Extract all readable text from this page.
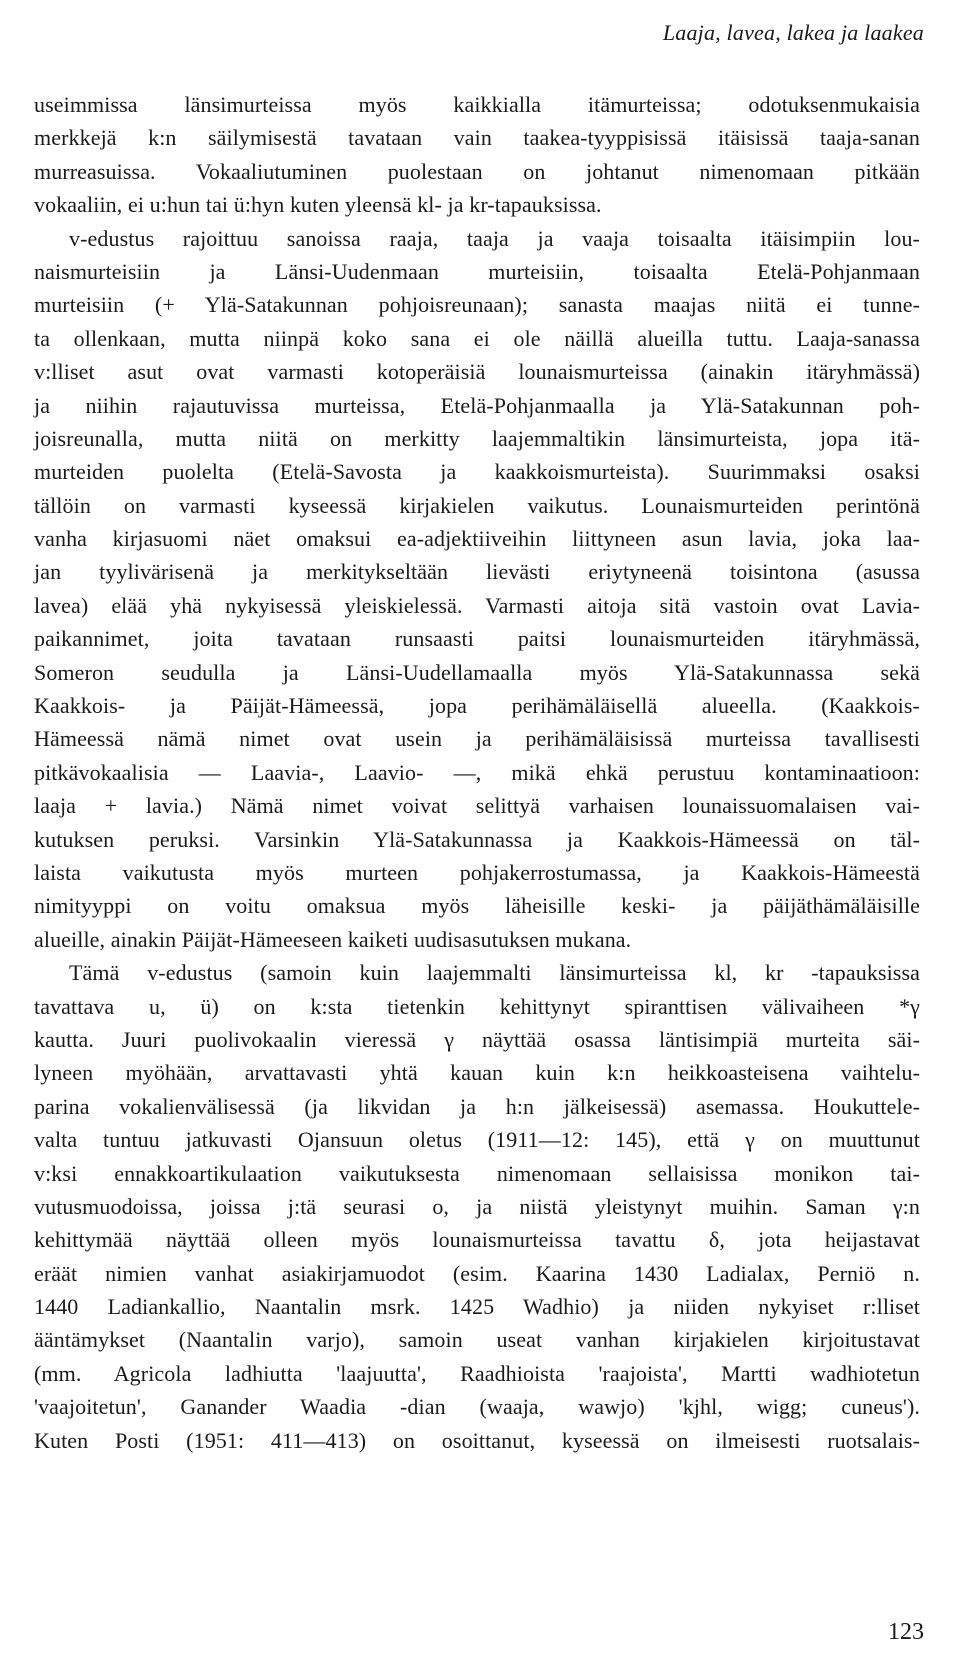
Laaja, lavea, lakea ja laakea
useimmissa länsimurteissa myös kaikkialla itämurteissa; odotuksenmukaisia
merkkejä k:n säilymisestä tavataan vain taakea-tyyppisissä itäisissä taaja-sanan
murreasuissa. Vokaaliutuminen puolestaan on johtanut nimenomaan pitkään
vokaaliin, ei u:hun tai ü:hyn kuten yleensä kl- ja kr-tapauksissa.
v-edustus rajoittuu sanoissa raaja, taaja ja vaaja toisaalta itäisimpiin lou-
naismurteisiin ja Länsi-Uudenmaan murteisiin, toisaalta Etelä-Pohjanmaan
murteisiin (+ Ylä-Satakunnan pohjoisreunaan); sanasta maajas niitä ei tunne-
ta ollenkaan, mutta niinpä koko sana ei ole näillä alueilla tuttu. Laaja-sanassa
v:lliset asut ovat varmasti kotoperäisiä lounaismurteissa (ainakin itäryhmässä)
ja niihin rajautuvissa murteissa, Etelä-Pohjanmaalla ja Ylä-Satakunnan poh-
joisreunalla, mutta niitä on merkitty laajemmaltikin länsimurteista, jopa itä-
murteiden puolelta (Etelä-Savosta ja kaakkoismurteista). Suurimmaksi osaksi
tällöin on varmasti kyseessä kirjakielen vaikutus. Lounaismurteiden perintönä
vanha kirjasuomi näet omaksui ea-adjektiiveihin liittyneen asun lavia, joka laa-
jan tyylivärisenä ja merkitykseltään lievästi eriytyneenä toisintona (asussa
lavea) elää yhä nykyisessä yleiskielessä. Varmasti aitoja sitä vastoin ovat Lavia-
paikannimet, joita tavataan runsaasti paitsi lounaismurteiden itäryhmässä,
Someron seudulla ja Länsi-Uudellamaalla myös Ylä-Satakunnassa sekä
Kaakkois- ja Päijät-Hämeessä, jopa perihämäläisellä alueella. (Kaakkois-
Hämeessä nämä nimet ovat usein ja perihämäläisissä murteissa tavallisesti
pitkävokaalisia — Laavia-, Laavio- —, mikä ehkä perustuu kontaminaatioon:
laaja + lavia.) Nämä nimet voivat selittyä varhaisen lounaissuomalaisen vai-
kutuksen peruksi. Varsinkin Ylä-Satakunnassa ja Kaakkois-Hämeessä on täl-
laista vaikutusta myös murteen pohjakerrostumassa, ja Kaakkois-Hämeestä
nimityyppi on voitu omaksua myös läheisille keski- ja päijäthämäläisille
alueille, ainakin Päijät-Hämeeseen kaiketi uudisasutuksen mukana.
Tämä v-edustus (samoin kuin laajemmalti länsimurteissa kl, kr -tapauksissa
tavattava u, ü) on k:sta tietenkin kehittynyt spiranttisen välivaiheen *γ
kautta. Juuri puolivokaalin vieressä γ näyttää osassa läntisimpiä murteita säi-
lyneen myöhään, arvattavasti yhtä kauan kuin k:n heikkoasteisena vaihtelu-
parina vokalienvälisessä (ja likvidan ja h:n jälkeisessä) asemassa. Houkuttele-
valta tuntuu jatkuvasti Ojansuun oletus (1911—12: 145), että γ on muuttunut
v:ksi ennakkoartikulaation vaikutuksesta nimenomaan sellaisissa monikon tai-
vutusmuodoissa, joissa j:tä seurasi o, ja niistä yleistynyt muihin. Saman γ:n
kehittymää näyttää olleen myös lounaismurteissa tavattu δ, jota heijastavat
eräät nimien vanhat asiakirjamuodot (esim. Kaarina 1430 Ladialax, Perniö n.
1440 Ladiankallio, Naantalin msrk. 1425 Wadhio) ja niiden nykyiset r:lliset
ääntämykset (Naantalin varjo), samoin useat vanhan kirjakielen kirjoitustavat
(mm. Agricola ladhiutta 'laajuutta', Raadhioista 'raajoista', Martti wadhiotetun
'vaajoitetun', Ganander Waadia -dian (waaja, wawjo) 'kjhl, wigg; cuneus').
Kuten Posti (1951: 411—413) on osoittanut, kyseessä on ilmeisesti ruotsalais-
123
